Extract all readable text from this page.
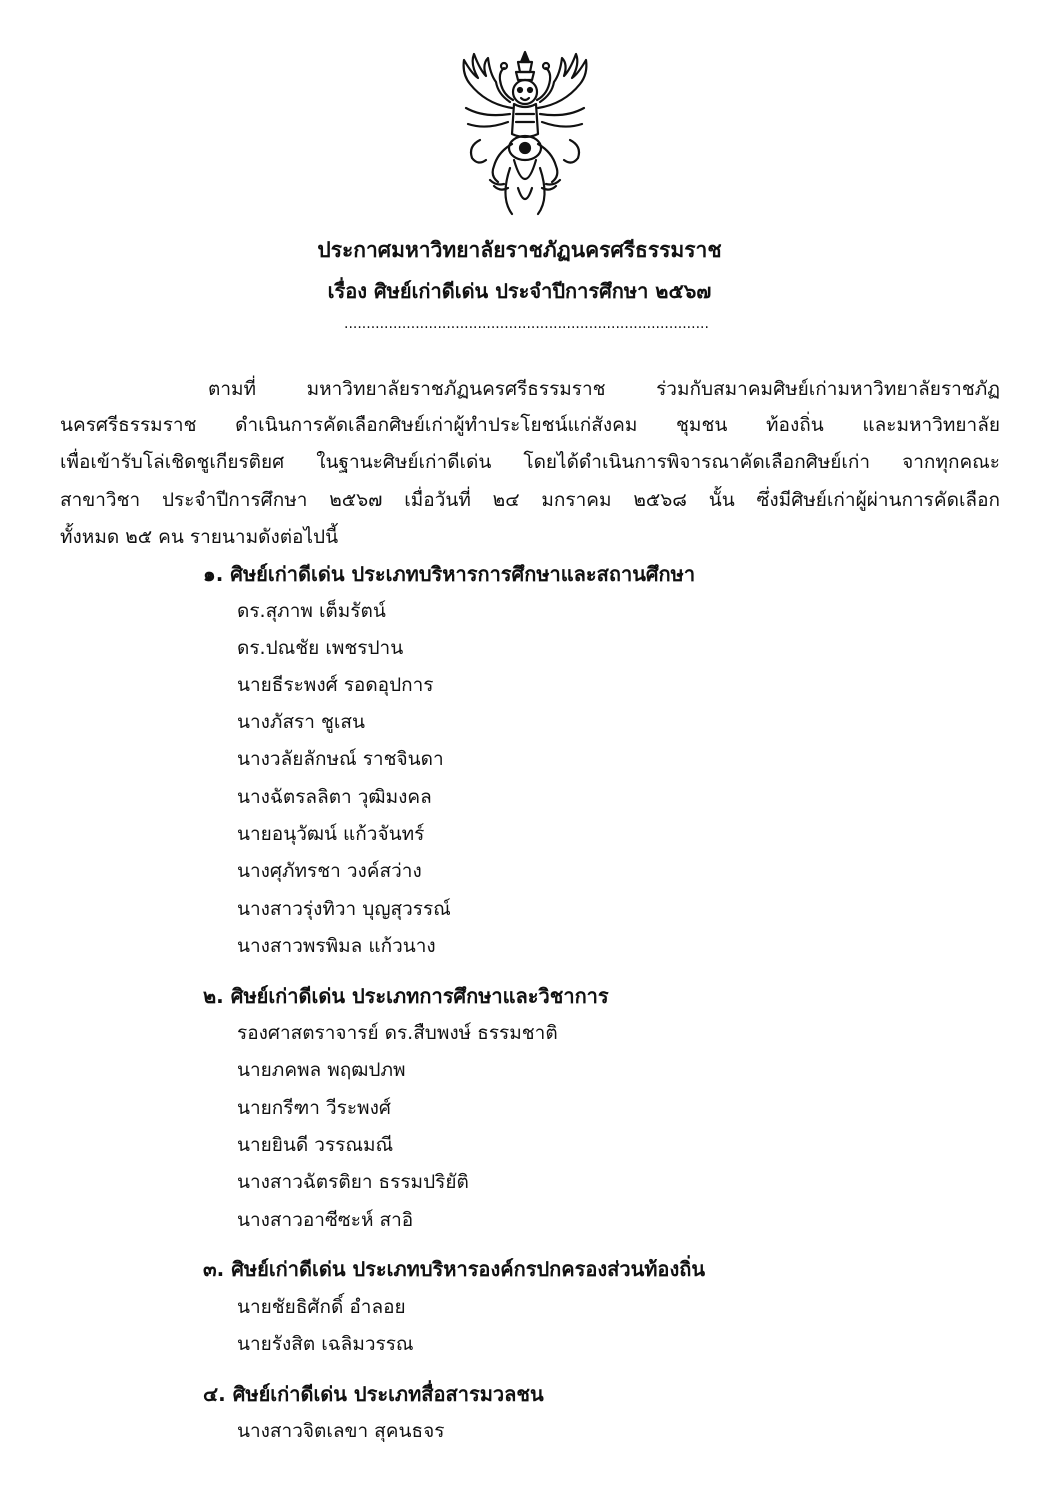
ประกาศมหาวิทยาลัยราชภัฏนครศรีธรรมราช
เรื่อง ศิษย์เก่าดีเด่น ประจำปีการศึกษา ๒๕๖๗
..................................................................................
ตามที่ มหาวิทยาลัยราชภัฏนครศรีธรรมราช ร่วมกับสมาคมศิษย์เก่ามหาวิทยาลัยราชภัฏ
นครศรีธรรมราช ดำเนินการคัดเลือกศิษย์เก่าผู้ทำประโยชน์แก่สังคม ชุมชน ท้องถิ่น และมหาวิทยาลัย
เพื่อเข้ารับโล่เชิดชูเกียรติยศ ในฐานะศิษย์เก่าดีเด่น โดยได้ดำเนินการพิจารณาคัดเลือกศิษย์เก่า จากทุกคณะ
สาขาวิชา ประจำปีการศึกษา ๒๕๖๗ เมื่อวันที่ ๒๔ มกราคม ๒๕๖๘ นั้น ซึ่งมีศิษย์เก่าผู้ผ่านการคัดเลือก
ทั้งหมด ๒๕ คน รายนามดังต่อไปนี้
๑. ศิษย์เก่าดีเด่น ประเภทบริหารการศึกษาและสถานศึกษา
ดร.สุภาพ เต็มรัตน์
ดร.ปณชัย เพชรปาน
นายธีระพงศ์ รอดอุปการ
นางภัสรา ชูเสน
นางวลัยลักษณ์ ราชจินดา
นางฉัตรลลิตา วุฒิมงคล
นายอนุวัฒน์ แก้วจันทร์
นางศุภัทรชา วงค์สว่าง
นางสาวรุ่งทิวา บุญสุวรรณ์
นางสาวพรพิมล แก้วนาง
๒. ศิษย์เก่าดีเด่น ประเภทการศึกษาและวิชาการ
รองศาสตราจารย์ ดร.สืบพงษ์ ธรรมชาติ
นายภคพล พฤฒปภพ
นายกรีฑา วีระพงศ์
นายยินดี วรรณมณี
นางสาวฉัตรติยา ธรรมปริยัติ
นางสาวอาซีซะห์ สาอิ
๓. ศิษย์เก่าดีเด่น ประเภทบริหารองค์กรปกครองส่วนท้องถิ่น
นายชัยธิศักดิ์ อำลอย
นายรังสิต เฉลิมวรรณ
๔. ศิษย์เก่าดีเด่น ประเภทสื่อสารมวลชน
นางสาวจิตเลขา สุคนธจร
